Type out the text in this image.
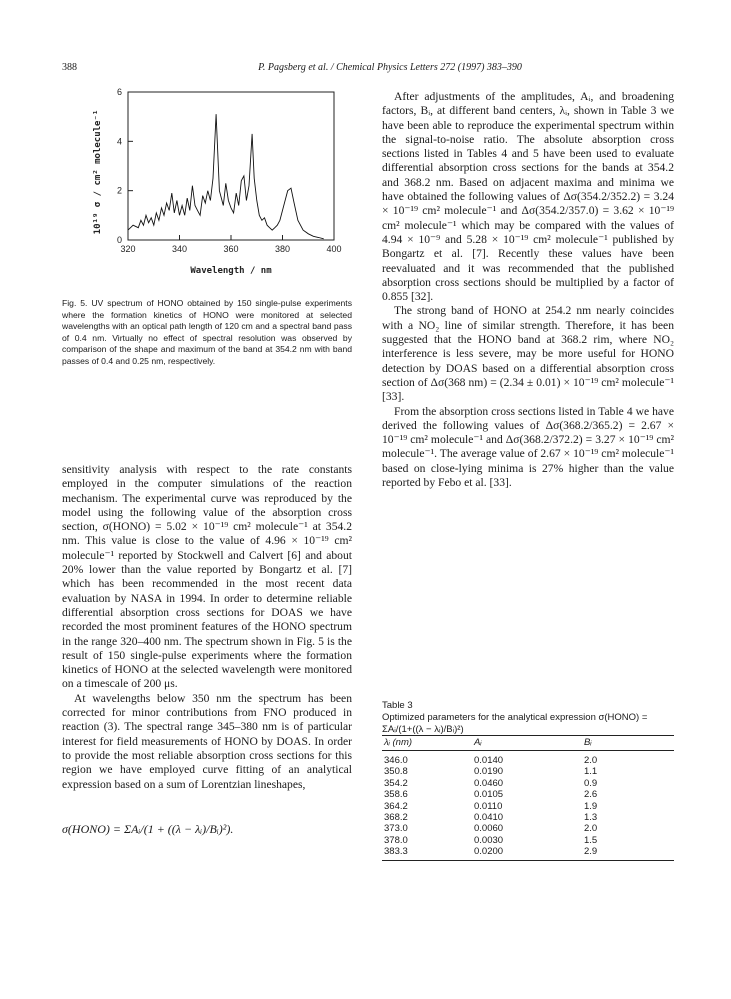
388	P. Pagsberg et al. / Chemical Physics Letters 272 (1997) 383–390
0
2
4
6
320	340	360	380	400
10¹⁹ σ / cm² molecule⁻¹
Wavelength / nm

Fig. 5. UV spectrum of HONO obtained by 150 single-pulse experiments where the formation kinetics of HONO were monitored at selected wavelengths with an optical path length of 120 cm and a spectral band pass of 0.4 nm. Virtually no effect of spectral resolution was observed by comparison of the shape and maximum of the band at 354.2 nm with band passes of 0.4 and 0.25 nm, respectively.

sensitivity analysis with respect to the rate constants employed in the computer simulations of the reaction mechanism. The experimental curve was reproduced by the model using the following value of the absorption cross section, σ(HONO) = 5.02 × 10⁻¹⁹ cm² molecule⁻¹ at 354.2 nm. This value is close to the value of 4.96 × 10⁻¹⁹ cm² molecule⁻¹ reported by Stockwell and Calvert [6] and about 20% lower than the value reported by Bongartz et al. [7] which has been recommended in the most recent data evaluation by NASA in 1994. In order to determine reliable differential absorption cross sections for DOAS we have recorded the most prominent features of the HONO spectrum in the range 320–400 nm. The spectrum shown in Fig. 5 is the result of 150 single-pulse experiments where the formation kinetics of HONO at the selected wavelength were monitored on a timescale of 200 μs.

At wavelengths below 350 nm the spectrum has been corrected for minor contributions from FNO produced in reaction (3). The spectral range 345–380 nm is of particular interest for field measurements of HONO by DOAS. In order to provide the most reliable absorption cross sections for this region we have employed curve fitting of an analytical expression based on a sum of Lorentzian lineshapes,

σ(HONO) = ΣAᵢ/(1 + ((λ − λᵢ)/Bᵢ)²).

After adjustments of the amplitudes, Aᵢ, and broadening factors, Bᵢ, at different band centers, λᵢ, shown in Table 3 we have been able to reproduce the experimental spectrum within the signal-to-noise ratio. The absolute absorption cross sections listed in Tables 4 and 5 have been used to evaluate differential absorption cross sections for the bands at 354.2 and 368.2 nm. Based on adjacent maxima and minima we have obtained the following values of Δσ(354.2/352.2) = 3.24 × 10⁻¹⁹ cm² molecule⁻¹ and Δσ(354.2/357.0) = 3.62 × 10⁻¹⁹ cm² molecule⁻¹ which may be compared with the values of 4.94 × 10⁻⁹ and 5.28 × 10⁻¹⁹ cm² molecule⁻¹ published by Bongartz et al. [7]. Recently these values have been reevaluated and it was recommended that the published absorption cross sections should be multiplied by a factor of 0.855 [32].

The strong band of HONO at 254.2 nm nearly coincides with a NO₂ line of similar strength. Therefore, it has been suggested that the HONO band at 368.2 rim, where NO₂ interference is less severe, may be more useful for HONO detection by DOAS based on a differential absorption cross section of Δσ(368 nm) = (2.34 ± 0.01) × 10⁻¹⁹ cm² molecule⁻¹ [33].

From the absorption cross sections listed in Table 4 we have derived the following values of Δσ(368.2/365.2) = 2.67 × 10⁻¹⁹ cm² molecule⁻¹ and Δσ(368.2/372.2) = 3.27 × 10⁻¹⁹ cm² molecule⁻¹. The average value of 2.67 × 10⁻¹⁹ cm² molecule⁻¹ based on close-lying minima is 27% higher than the value reported by Febo et al. [33].

Table 3
Optimized parameters for the analytical expression σ(HONO) = ΣAᵢ/(1+((λ − λᵢ)/Bᵢ)²)
λᵢ (nm)	Aᵢ	Bᵢ
346.0	0.0140	2.0
350.8	0.0190	1.1
354.2	0.0460	0.9
358.6	0.0105	2.6
364.2	0.0110	1.9
368.2	0.0410	1.3
373.0	0.0060	2.0
378.0	0.0030	1.5
383.3	0.0200	2.9
